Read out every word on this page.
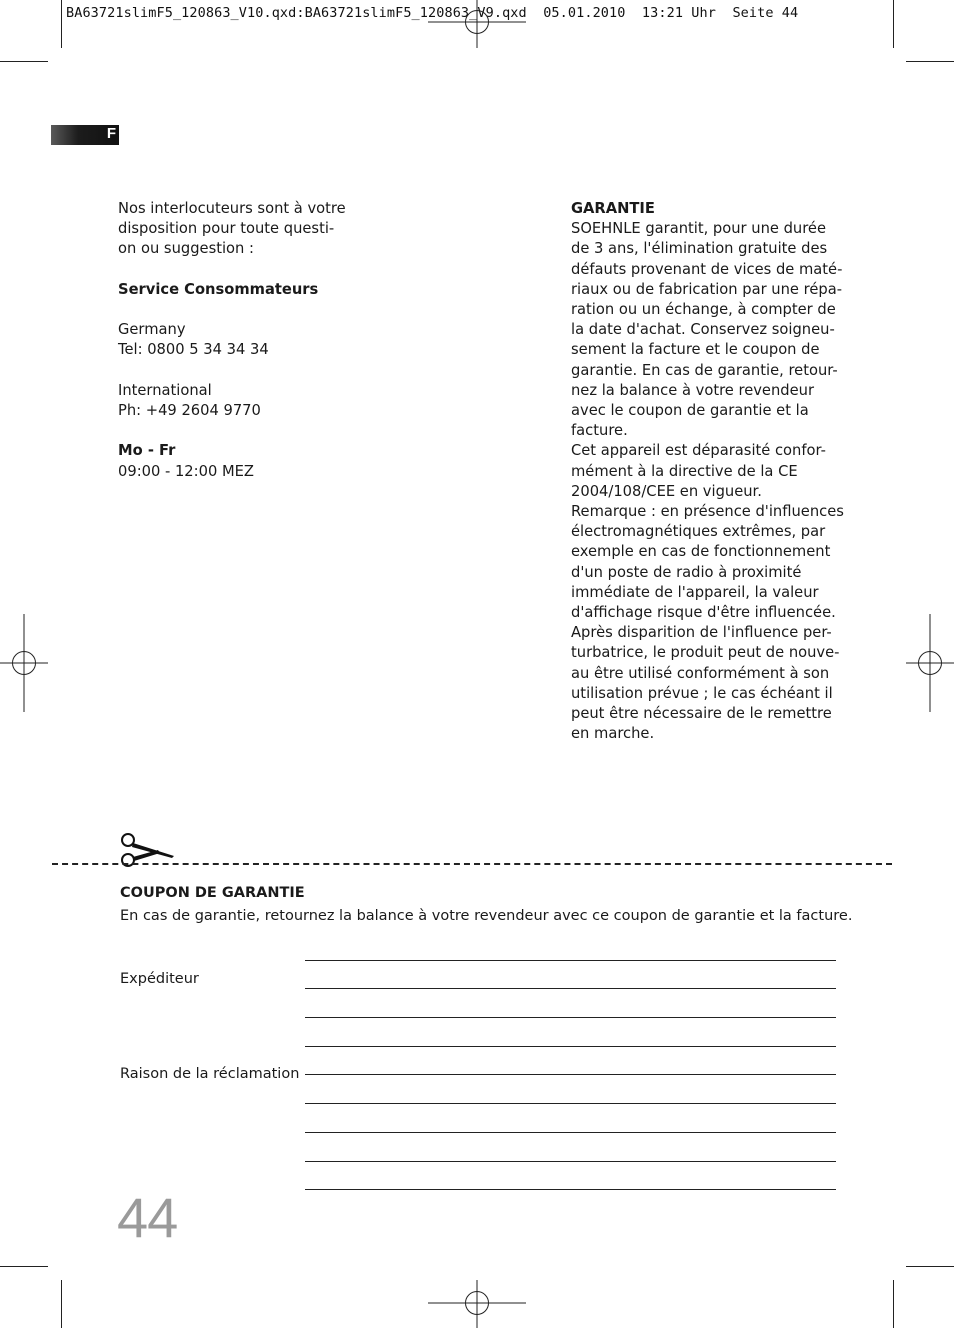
BA63721slimF5_120863_V10.qxd:BA63721slimF5_120863_V9.qxd  05.01.2010  13:21 Uhr  Seite 44
F

Nos interlocuteurs sont à votre

disposition pour toute questi-

on ou suggestion :

Service Consommateurs

Germany

Tel: 0800 5 34 34 34

International

Ph: +49 2604 9770

Mo - Fr

09:00 - 12:00 MEZ

GARANTIE

SOEHNLE garantit, pour une durée

de 3 ans, l'élimination gratuite des

défauts provenant de vices de maté-

riaux ou de fabrication par une répa-

ration ou un échange, à compter de

la date d'achat. Conservez soigneu-

sement la facture et le coupon de

garantie. En cas de garantie, retour-

nez la balance à votre revendeur

avec le coupon de garantie et la

facture.

Cet appareil est déparasité confor-

mément à la directive de la CE

2004/108/CEE en vigueur.

Remarque : en présence d'influences

électromagnétiques extrêmes, par

exemple en cas de fonctionnement

d'un poste de radio à proximité

immédiate de l'appareil, la valeur

d'affichage risque d'être influencée.

Après disparition de l'influence per-

turbatrice, le produit peut de nouve-

au être utilisé conformément à son

utilisation prévue ; le cas échéant il

peut être nécessaire de le remettre

en marche.

COUPON DE GARANTIE
En cas de garantie, retournez la balance à votre revendeur avec ce coupon de garantie et la facture.
Expéditeur
Raison de la réclamation
44
